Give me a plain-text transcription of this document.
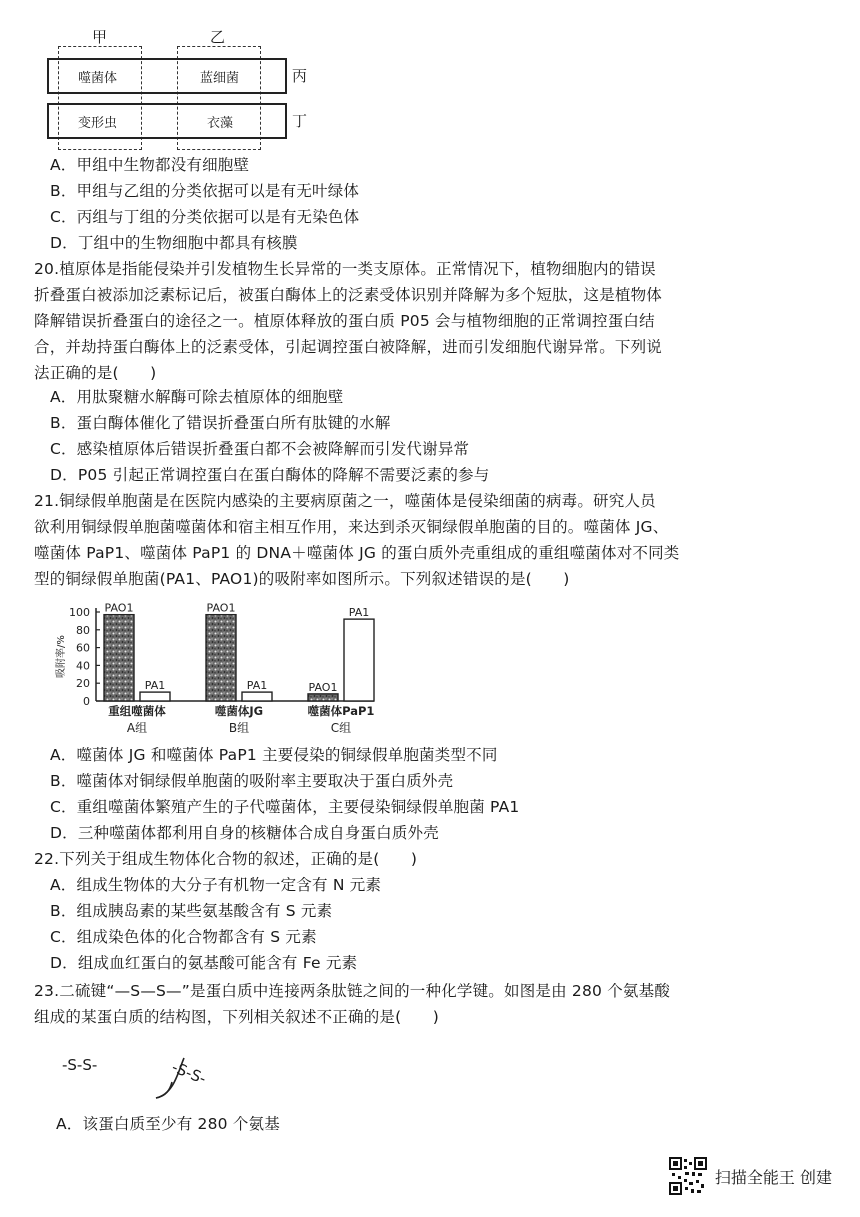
甲	乙
丙
丁
噬菌体	蓝细菌
变形虫	衣藻
A．甲组中生物都没有细胞壁
B．甲组与乙组的分类依据可以是有无叶绿体
C．丙组与丁组的分类依据可以是有无染色体
D．丁组中的生物细胞中都具有核膜
20.植原体是指能侵染并引发植物生长异常的一类支原体。正常情况下，植物细胞内的错误
折叠蛋白被添加泛素标记后，被蛋白酶体上的泛素受体识别并降解为多个短肽，这是植物体
降解错误折叠蛋白的途径之一。植原体释放的蛋白质 P05 会与植物细胞的正常调控蛋白结
合，并劫持蛋白酶体上的泛素受体，引起调控蛋白被降解，进而引发细胞代谢异常。下列说
法正确的是(　　)
A．用肽聚糖水解酶可除去植原体的细胞壁
B．蛋白酶体催化了错误折叠蛋白所有肽键的水解
C．感染植原体后错误折叠蛋白都不会被降解而引发代谢异常
D．P05 引起正常调控蛋白在蛋白酶体的降解不需要泛素的参与
21.铜绿假单胞菌是在医院内感染的主要病原菌之一，噬菌体是侵染细菌的病毒。研究人员
欲利用铜绿假单胞菌噬菌体和宿主相互作用，来达到杀灭铜绿假单胞菌的目的。噬菌体 JG、
噬菌体 PaP1、噬菌体 PaP1 的 DNA＋噬菌体 JG 的蛋白质外壳重组成的重组噬菌体对不同类
型的铜绿假单胞菌(PA1、PAO1)的吸附率如图所示。下列叙述错误的是(　　)
0
20
40
60
80
100
吸附率/%
PAO1
PA1
重组噬菌体
A组
PAO1
PA1
噬菌体JG
B组
PAO1
PA1
噬菌体PaP1
C组
A．噬菌体 JG 和噬菌体 PaP1 主要侵染的铜绿假单胞菌类型不同
B．噬菌体对铜绿假单胞菌的吸附率主要取决于蛋白质外壳
C．重组噬菌体繁殖产生的子代噬菌体，主要侵染铜绿假单胞菌 PA1
D．三种噬菌体都利用自身的核糖体合成自身蛋白质外壳
22.下列关于组成生物体化合物的叙述，正确的是(　　)
A．组成生物体的大分子有机物一定含有 N 元素
B．组成胰岛素的某些氨基酸含有 S 元素
C．组成染色体的化合物都含有 S 元素
D．组成血红蛋白的氨基酸可能含有 Fe 元素
23.二硫键“—S—S—”是蛋白质中连接两条肽链之间的一种化学键。如图是由 280 个氨基酸
组成的某蛋白质的结构图，下列相关叙述不正确的是(　　)
-S-S-	-S-S-
A．该蛋白质至少有 280 个氨基
扫描全能王 创建
